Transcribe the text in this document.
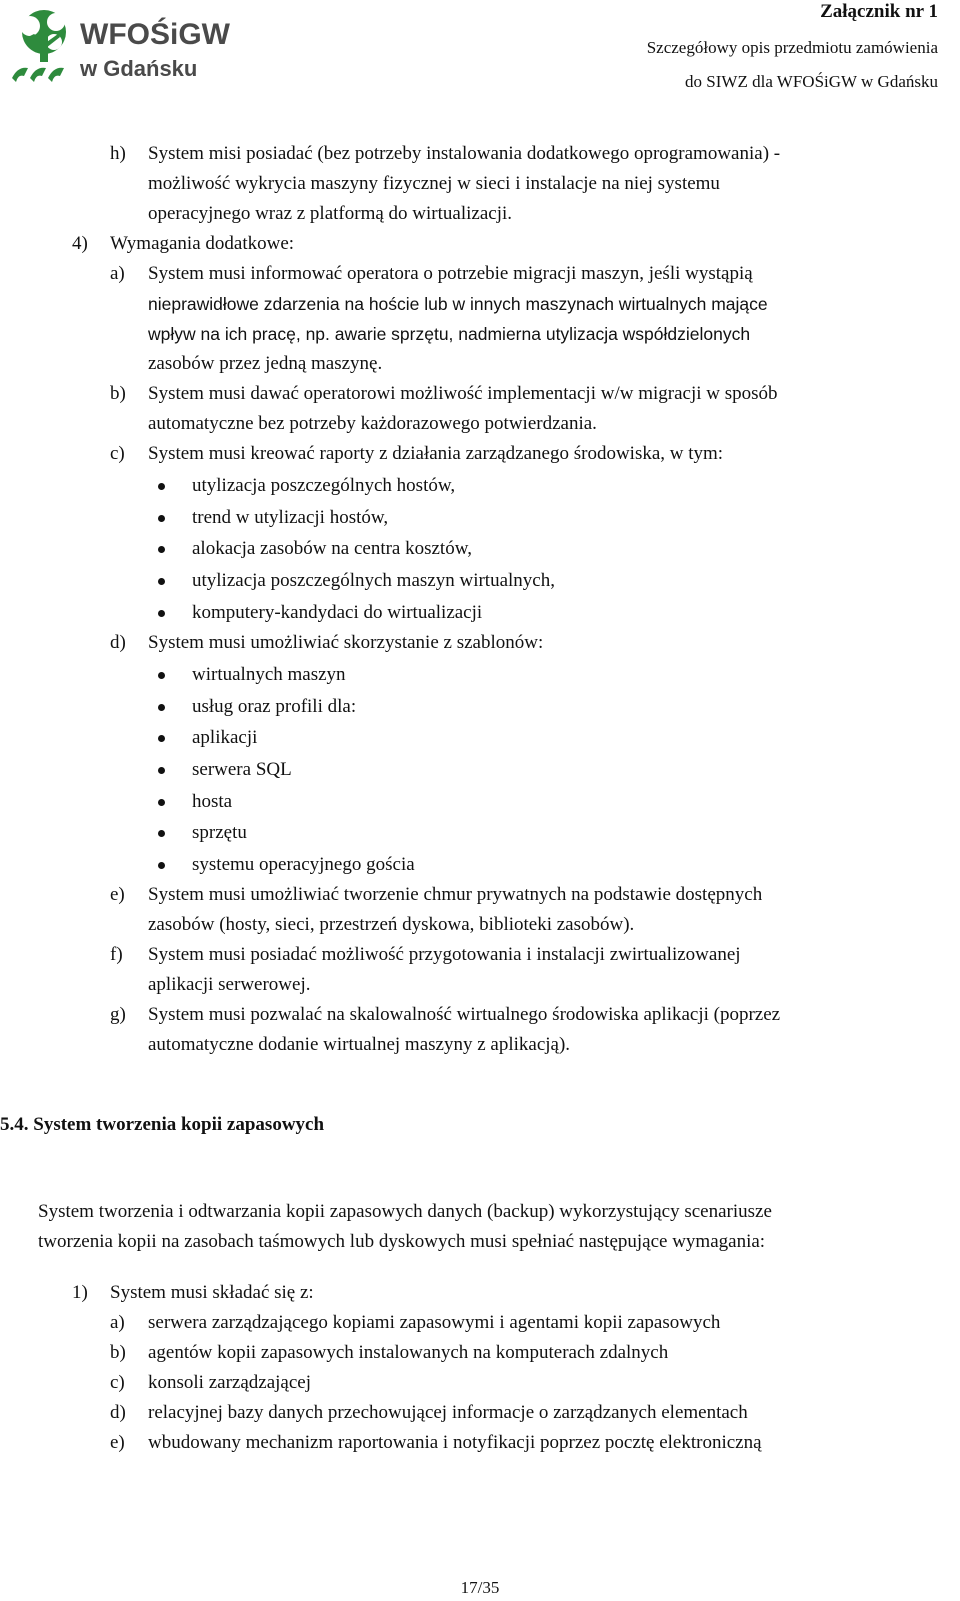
WFOŚiGW
w Gdańsku
Załącznik nr 1
Szczegółowy opis przedmiotu zamówienia
do SIWZ dla WFOŚiGW w Gdańsku
h) System misi posiadać (bez potrzeby instalowania dodatkowego oprogramowania) -
możliwość wykrycia maszyny fizycznej w sieci i instalacje na niej systemu
operacyjnego wraz z platformą do wirtualizacji.
4) Wymagania dodatkowe:
a) System musi informować operatora o potrzebie migracji maszyn, jeśli wystąpią
nieprawidłowe zdarzenia na hoście lub w innych maszynach wirtualnych mające
wpływ na ich pracę, np. awarie sprzętu, nadmierna utylizacja współdzielonych
zasobów przez jedną maszynę.
b) System musi dawać operatorowi możliwość implementacji w/w migracji w sposób
automatyczne bez potrzeby każdorazowego potwierdzania.
c) System musi kreować raporty z działania zarządzanego środowiska, w tym:
utylizacja poszczególnych hostów,
trend w utylizacji hostów,
alokacja zasobów na centra kosztów,
utylizacja poszczególnych maszyn wirtualnych,
komputery-kandydaci do wirtualizacji
d) System musi umożliwiać skorzystanie z szablonów:
wirtualnych maszyn
usług oraz profili dla:
aplikacji
serwera SQL
hosta
sprzętu
systemu operacyjnego gościa
e) System musi umożliwiać tworzenie chmur prywatnych na podstawie dostępnych
zasobów (hosty, sieci, przestrzeń dyskowa, biblioteki zasobów).
f) System musi posiadać możliwość przygotowania i instalacji zwirtualizowanej
aplikacji serwerowej.
g) System musi pozwalać na skalowalność wirtualnego środowiska aplikacji (poprzez
automatyczne dodanie wirtualnej maszyny z aplikacją).
5.4. System tworzenia kopii zapasowych
System tworzenia i odtwarzania kopii zapasowych danych (backup) wykorzystujący scenariusze
tworzenia kopii na zasobach taśmowych lub dyskowych musi spełniać następujące wymagania:
1) System musi składać się z:
a) serwera zarządzającego kopiami zapasowymi i agentami kopii zapasowych
b) agentów kopii zapasowych instalowanych na komputerach zdalnych
c) konsoli zarządzającej
d) relacyjnej bazy danych przechowującej informacje o zarządzanych elementach
e) wbudowany mechanizm raportowania i notyfikacji poprzez pocztę elektroniczną
17/35
